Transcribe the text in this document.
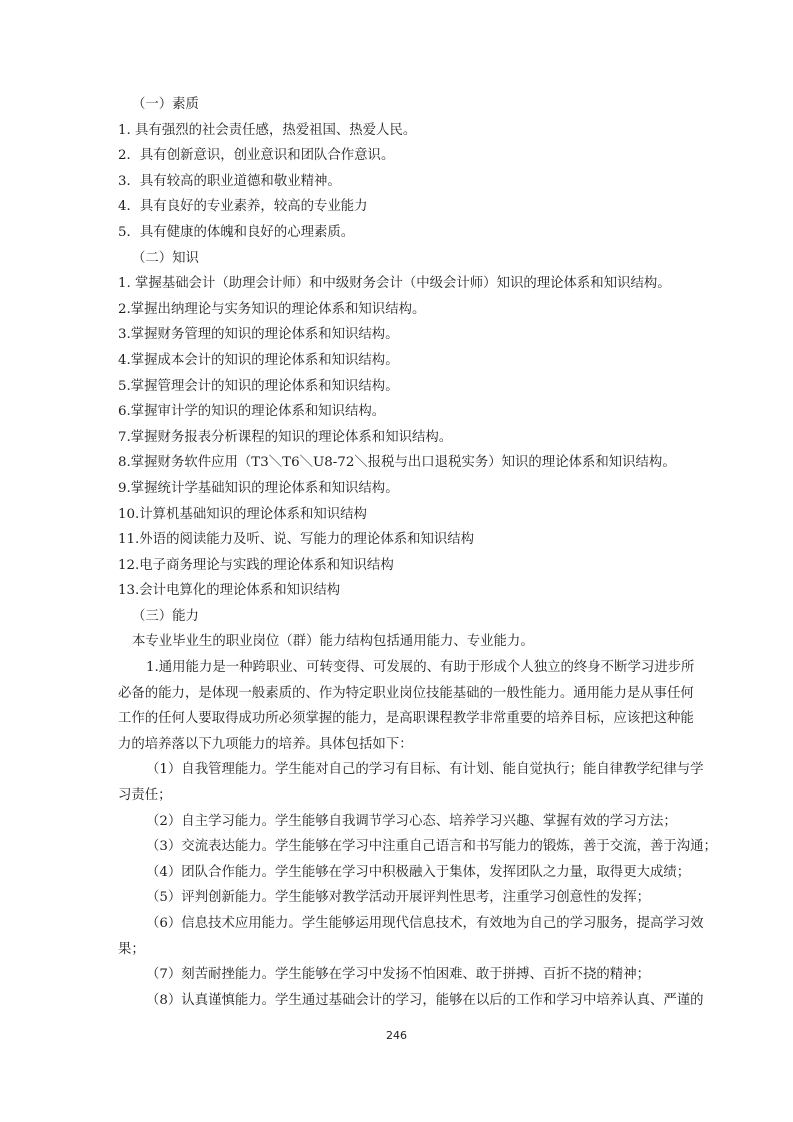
（一）素质
1. 具有强烈的社会责任感，热爱祖国、热爱人民。
2．具有创新意识，创业意识和团队合作意识。
3．具有较高的职业道德和敬业精神。
4．具有良好的专业素养，较高的专业能力
5．具有健康的体魄和良好的心理素质。
（二）知识
1. 掌握基础会计（助理会计师）和中级财务会计（中级会计师）知识的理论体系和知识结构。
2.掌握出纳理论与实务知识的理论体系和知识结构。
3.掌握财务管理的知识的理论体系和知识结构。
4.掌握成本会计的知识的理论体系和知识结构。
5.掌握管理会计的知识的理论体系和知识结构。
6.掌握审计学的知识的理论体系和知识结构。
7.掌握财务报表分析课程的知识的理论体系和知识结构。
8.掌握财务软件应用（T3＼T6＼U8-72＼报税与出口退税实务）知识的理论体系和知识结构。
9.掌握统计学基础知识的理论体系和知识结构。
10.计算机基础知识的理论体系和知识结构
11.外语的阅读能力及听、说、写能力的理论体系和知识结构
12.电子商务理论与实践的理论体系和知识结构
13.会计电算化的理论体系和知识结构
（三）能力
本专业毕业生的职业岗位（群）能力结构包括通用能力、专业能力。
1.通用能力是一种跨职业、可转变得、可发展的、有助于形成个人独立的终身不断学习进步所
必备的能力，是体现一般素质的、作为特定职业岗位技能基础的一般性能力。通用能力是从事任何
工作的任何人要取得成功所必须掌握的能力，是高职课程教学非常重要的培养目标，应该把这种能
力的培养落以下九项能力的培养。具体包括如下：
（1）自我管理能力。学生能对自己的学习有目标、有计划、能自觉执行；能自律教学纪律与学
习责任；
（2）自主学习能力。学生能够自我调节学习心态、培养学习兴趣、掌握有效的学习方法；
（3）交流表达能力。学生能够在学习中注重自己语言和书写能力的锻炼，善于交流，善于沟通；
（4）团队合作能力。学生能够在学习中积极融入于集体，发挥团队之力量，取得更大成绩；
（5）评判创新能力。学生能够对教学活动开展评判性思考，注重学习创意性的发挥；
（6）信息技术应用能力。学生能够运用现代信息技术，有效地为自己的学习服务，提高学习效
果；
（7）刻苦耐挫能力。学生能够在学习中发扬不怕困难、敢于拼搏、百折不挠的精神；
（8）认真谨慎能力。学生通过基础会计的学习，能够在以后的工作和学习中培养认真、严谨的
246
